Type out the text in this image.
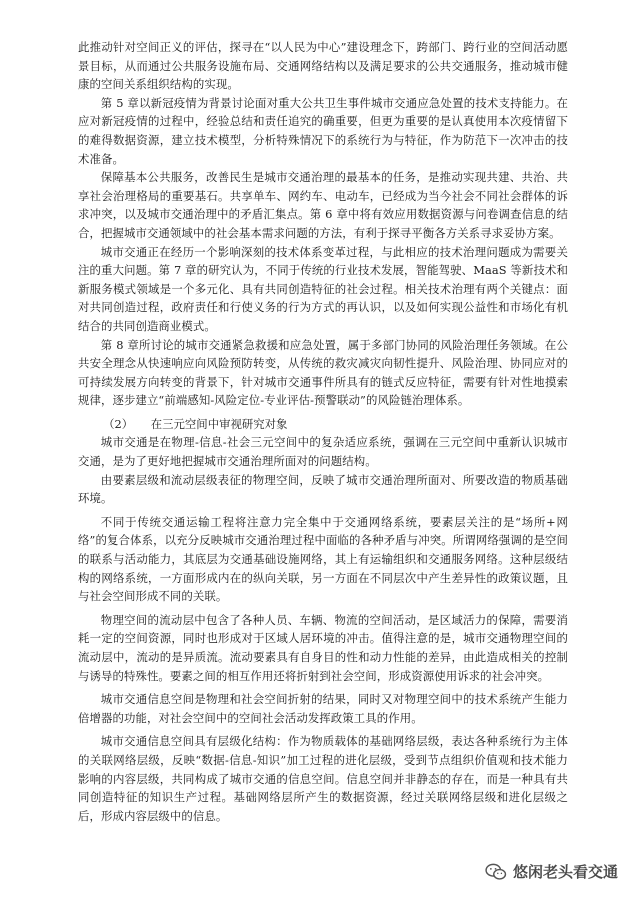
此推动针对空间正义的评估，探寻在“以人民为中心”建设理念下，跨部门、跨行业的空间活动愿景目标，从而通过公共服务设施布局、交通网络结构以及满足要求的公共交通服务，推动城市健康的空间关系组织结构的实现。

第 5 章以新冠疫情为背景讨论面对重大公共卫生事件城市交通应急处置的技术支持能力。在应对新冠疫情的过程中，经验总结和责任追究的确重要，但更为重要的是认真使用本次疫情留下的难得数据资源，建立技术模型，分析特殊情况下的系统行为与特征，作为防范下一次冲击的技术准备。

保障基本公共服务，改善民生是城市交通治理的最基本的任务，是推动实现共建、共治、共享社会治理格局的重要基石。共享单车、网约车、电动车，已经成为当今社会不同社会群体的诉求冲突，以及城市交通治理中的矛盾汇集点。第 6 章中将有效应用数据资源与问卷调查信息的结合，把握城市交通领域中的社会基本需求问题的方法，有利于探寻平衡各方关系寻求妥协方案。

城市交通正在经历一个影响深刻的技术体系变革过程，与此相应的技术治理问题成为需要关注的重大问题。第 7 章的研究认为，不同于传统的行业技术发展，智能驾驶、MaaS 等新技术和新服务模式领域是一个多元化、具有共同创造特征的社会过程。相关技术治理有两个关键点：面对共同创造过程，政府责任和行使义务的行为方式的再认识，以及如何实现公益性和市场化有机结合的共同创造商业模式。

第 8 章所讨论的城市交通紧急救援和应急处置，属于多部门协同的风险治理任务领域。在公共安全理念从快速响应向风险预防转变，从传统的救灾减灾向韧性提升、风险治理、协同应对的可持续发展方向转变的背景下，针对城市交通事件所具有的链式反应特征，需要有针对性地摸索规律，逐步建立“前端感知-风险定位-专业评估-预警联动”的风险链治理体系。

（2） 在三元空间中审视研究对象

城市交通是在物理-信息-社会三元空间中的复杂适应系统，强调在三元空间中重新认识城市交通，是为了更好地把握城市交通治理所面对的问题结构。

由要素层级和流动层级表征的物理空间，反映了城市交通治理所面对、所要改造的物质基础环境。

不同于传统交通运输工程将注意力完全集中于交通网络系统，要素层关注的是“场所+网络”的复合体系，以充分反映城市交通治理过程中面临的各种矛盾与冲突。所谓网络强调的是空间的联系与活动能力，其底层为交通基础设施网络，其上有运输组织和交通服务网络。这种层级结构的网络系统，一方面形成内在的纵向关联，另一方面在不同层次中产生差异性的政策议题，且与社会空间形成不同的关联。

物理空间的流动层中包含了各种人员、车辆、物流的空间活动，是区域活力的保障，需要消耗一定的空间资源，同时也形成对于区域人居环境的冲击。值得注意的是，城市交通物理空间的流动层中，流动的是异质流。流动要素具有自身目的性和动力性能的差异，由此造成相关的控制与诱导的特殊性。要素之间的相互作用还将折射到社会空间，形成资源使用诉求的社会冲突。

城市交通信息空间是物理和社会空间折射的结果，同时又对物理空间中的技术系统产生能力倍增器的功能，对社会空间中的空间社会活动发挥政策工具的作用。

城市交通信息空间具有层级化结构：作为物质载体的基础网络层级，表达各种系统行为主体的关联网络层级，反映“数据-信息-知识”加工过程的进化层级，受到节点组织价值观和技术能力影响的内容层级，共同构成了城市交通的信息空间。信息空间并非静态的存在，而是一种具有共同创造特征的知识生产过程。基础网络层所产生的数据资源，经过关联网络层级和进化层级之后，形成内容层级中的信息。

悠闲老头看交通
